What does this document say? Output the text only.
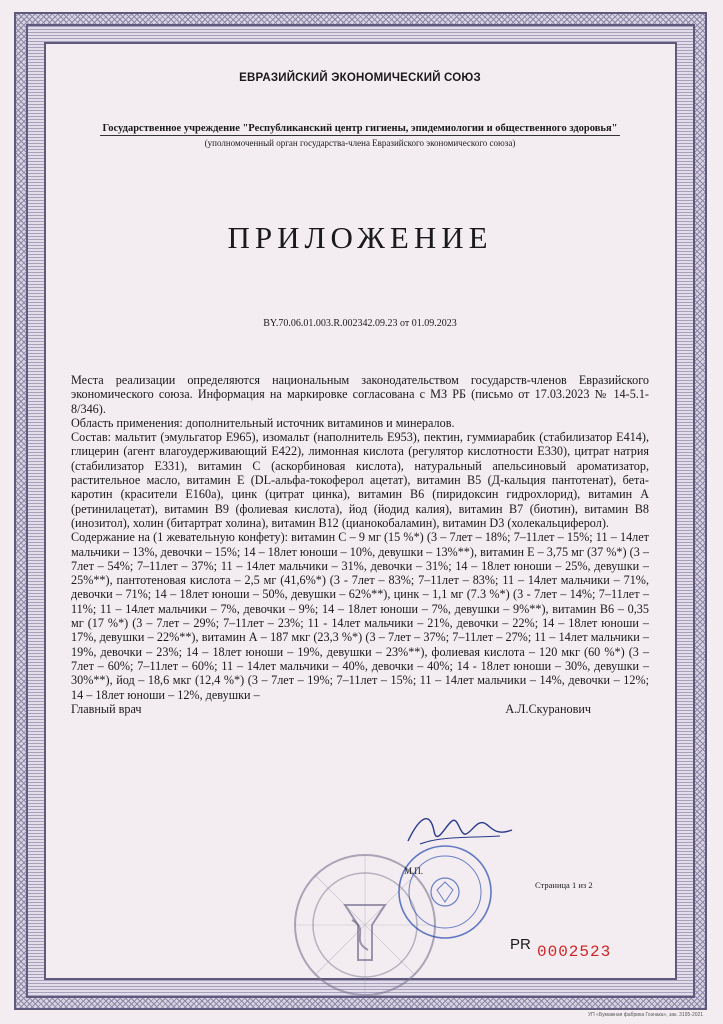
ЕВРАЗИЙСКИЙ ЭКОНОМИЧЕСКИЙ СОЮЗ
Государственное учреждение "Республиканский центр гигиены, эпидемиологии и общественного здоровья"
(уполномоченный орган государства-члена Евразийского экономического союза)
ПРИЛОЖЕНИЕ
BY.70.06.01.003.R.002342.09.23 от 01.09.2023

Места реализации определяются национальным законодательством государств-членов Евразийского экономического союза. Информация на маркировке согласована с МЗ РБ (письмо от 17.03.2023 № 14-5.1-8/346).

Область применения: дополнительный источник витаминов и минералов.

Состав: мальтит (эмульгатор Е965), изомальт (наполнитель Е953), пектин, гуммиарабик (стабилизатор Е414), глицерин (агент влагоудерживающий Е422), лимонная кислота (регулятор кислотности Е330), цитрат натрия (стабилизатор Е331), витамин С (аскорбиновая кислота), натуральный апельсиновый ароматизатор, растительное масло, витамин Е (DL-альфа-токоферол ацетат), витамин В5 (Д-кальция пантотенат), бета-каротин (красители Е160а), цинк (цитрат цинка), витамин В6 (пиридоксин гидрохлорид), витамин А (ретинилацетат), витамин В9 (фолиевая кислота), йод (йодид калия), витамин В7 (биотин), витамин В8 (инозитол), холин (битартрат холина), витамин В12 (цианокобаламин), витамин D3 (холекальциферол).

Содержание на (1 жевательную конфету): витамин С – 9 мг (15 %*) (3 – 7лет – 18%; 7–11лет – 15%; 11 – 14лет мальчики – 13%, девочки – 15%; 14 – 18лет юноши – 10%, девушки – 13%**), витамин Е – 3,75 мг (37 %*) (3 – 7лет – 54%; 7–11лет – 37%; 11 – 14лет мальчики – 31%, девочки – 31%; 14 – 18лет юноши – 25%, девушки – 25%**), пантотеновая кислота – 2,5 мг (41,6%*) (3 - 7лет – 83%; 7–11лет – 83%; 11 – 14лет мальчики – 71%, девочки – 71%; 14 – 18лет юноши – 50%, девушки – 62%**), цинк – 1,1 мг (7.3 %*) (3 - 7лет – 14%; 7–11лет – 11%; 11 – 14лет мальчики – 7%, девочки – 9%; 14 – 18лет юноши – 7%, девушки – 9%**), витамин В6 – 0,35 мг (17 %*) (3 – 7лет – 29%; 7–11лет – 23%; 11 - 14лет мальчики – 21%, девочки – 22%; 14 – 18лет юноши – 17%, девушки – 22%**), витамин А – 187 мкг (23,3 %*) (3 – 7лет – 37%; 7–11лет – 27%; 11 – 14лет мальчики – 19%, девочки – 23%; 14 – 18лет юноши – 19%, девушки – 23%**), фолиевая кислота – 120 мкг (60 %*) (3 – 7лет – 60%; 7–11лет – 60%; 11 – 14лет мальчики – 40%, девочки – 40%; 14 - 18лет юноши – 30%, девушки – 30%**), йод – 18,6 мкг (12,4 %*) (3 – 7лет – 19%; 7–11лет – 15%; 11 – 14лет мальчики – 14%, девочки – 12%; 14 – 18лет юноши – 12%, девушки –

Главный врач	А.Л.Скуранович
М.П.
Страница 1 из 2
PR 0002523
УП «Бумажная фабрика Гознака», зак. 3195-2021
